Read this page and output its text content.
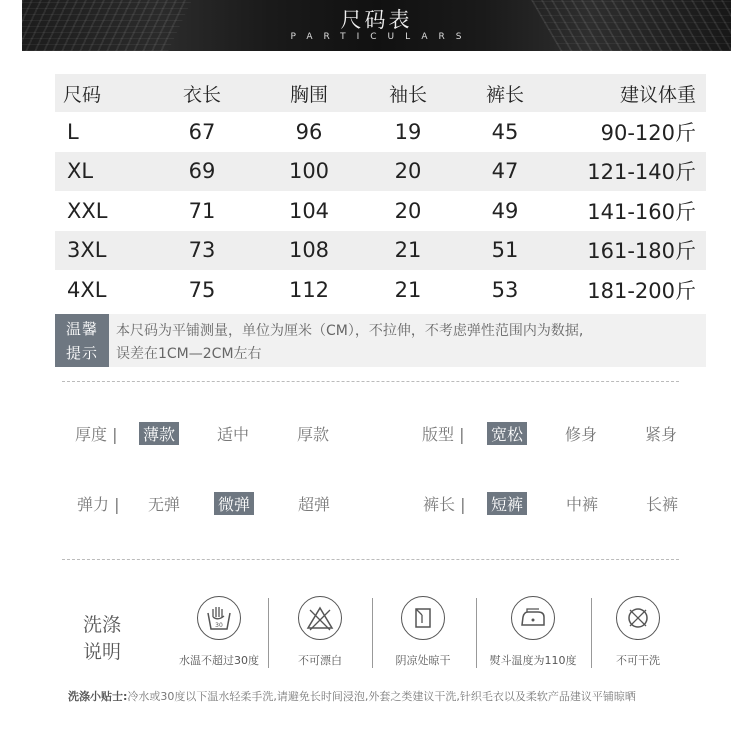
尺码表
PARTICULARS
尺码	衣长	胸围	袖长	裤长	建议体重
L	67	96	19	45	90-120斤
XL	69	100	20	47	121-140斤
XXL	71	104	20	49	141-160斤
3XL	73	108	21	51	161-180斤
4XL	75	112	21	53	181-200斤
温馨
提示
本尺码为平铺测量，单位为厘米（CM），不拉伸，不考虑弹性范围内为数据,
误差在1CM—2CM左右
厚度 | 薄款	适中	厚款	版型 | 宽松	修身	紧身
弹力 | 无弹 微弹	超弹	裤长 | 短裤	中裤	长裤
洗涤
说明
30
水温不超过30度	不可漂白	阴凉处晾干	熨斗温度为110度	不可干洗
洗涤小贴士:冷水或30度以下温水轻柔手洗,请避免长时间浸泡,外套之类建议干洗,针织毛衣以及柔软产品建议平铺晾晒
